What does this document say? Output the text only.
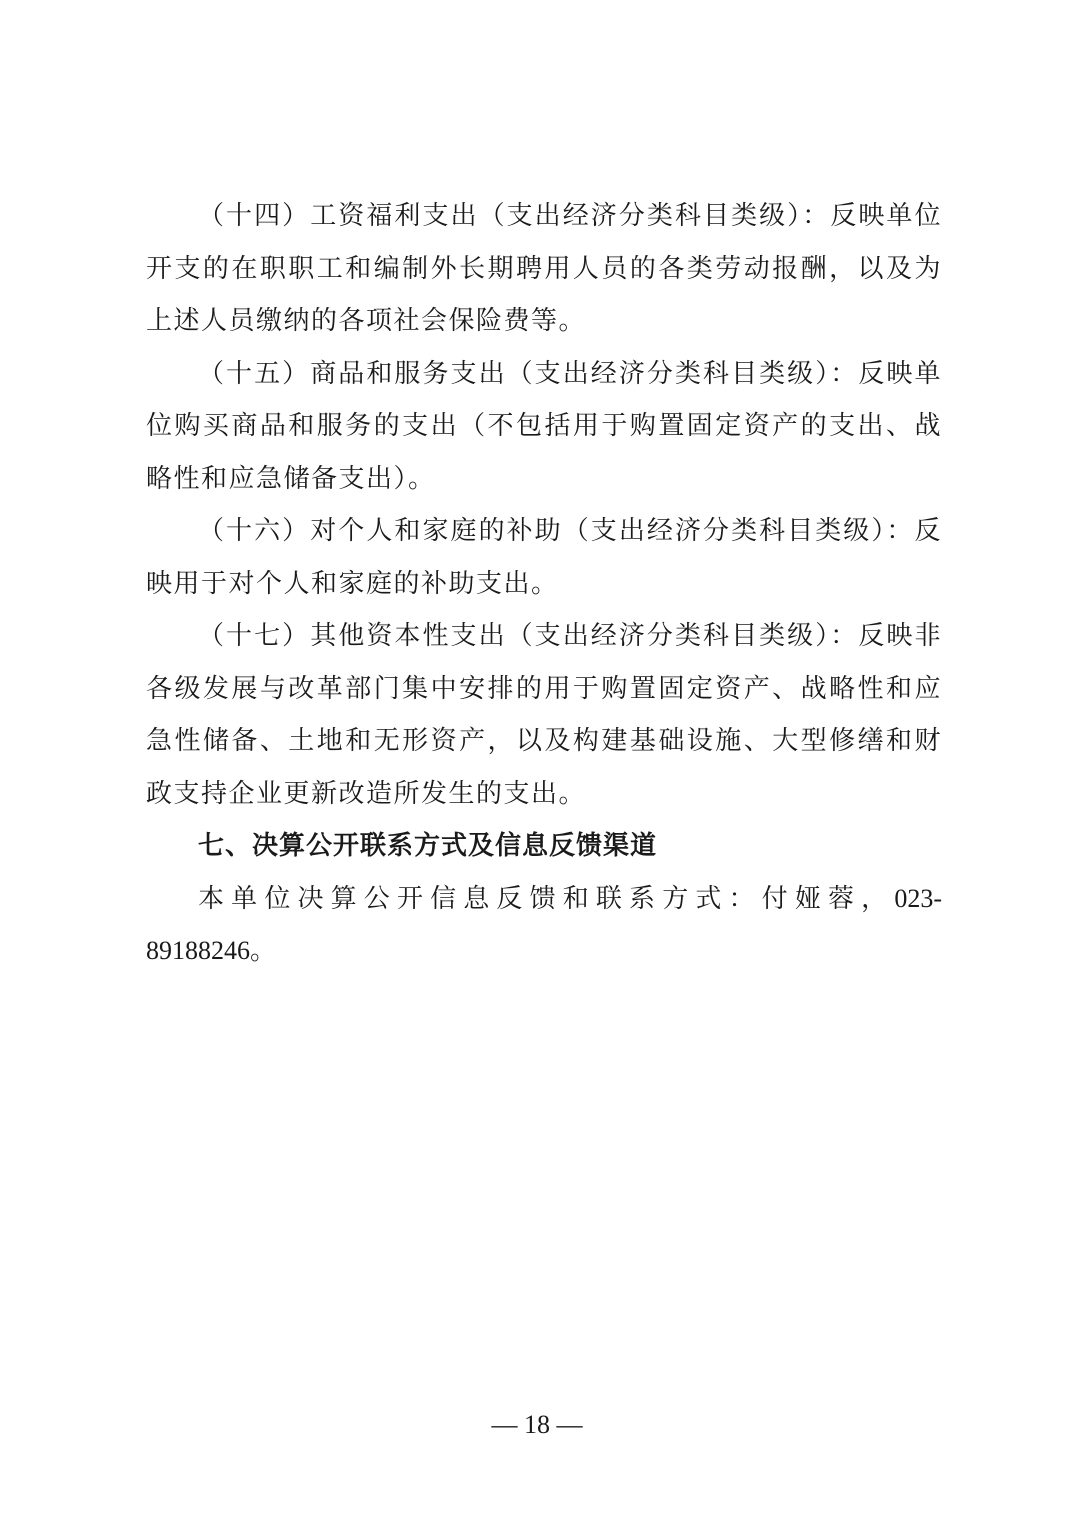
（十四）工资福利支出（支出经济分类科目类级）：反映单位开支的在职职工和编制外长期聘用人员的各类劳动报酬，以及为上述人员缴纳的各项社会保险费等。

（十五）商品和服务支出（支出经济分类科目类级）：反映单位购买商品和服务的支出（不包括用于购置固定资产的支出、战略性和应急储备支出）。

（十六）对个人和家庭的补助（支出经济分类科目类级）：反映用于对个人和家庭的补助支出。

（十七）其他资本性支出（支出经济分类科目类级）：反映非各级发展与改革部门集中安排的用于购置固定资产、战略性和应急性储备、土地和无形资产，以及构建基础设施、大型修缮和财政支持企业更新改造所发生的支出。

七、决算公开联系方式及信息反馈渠道

本单位决算公开信息反馈和联系方式：付娅蓉，023-89188246。

— 18 —
